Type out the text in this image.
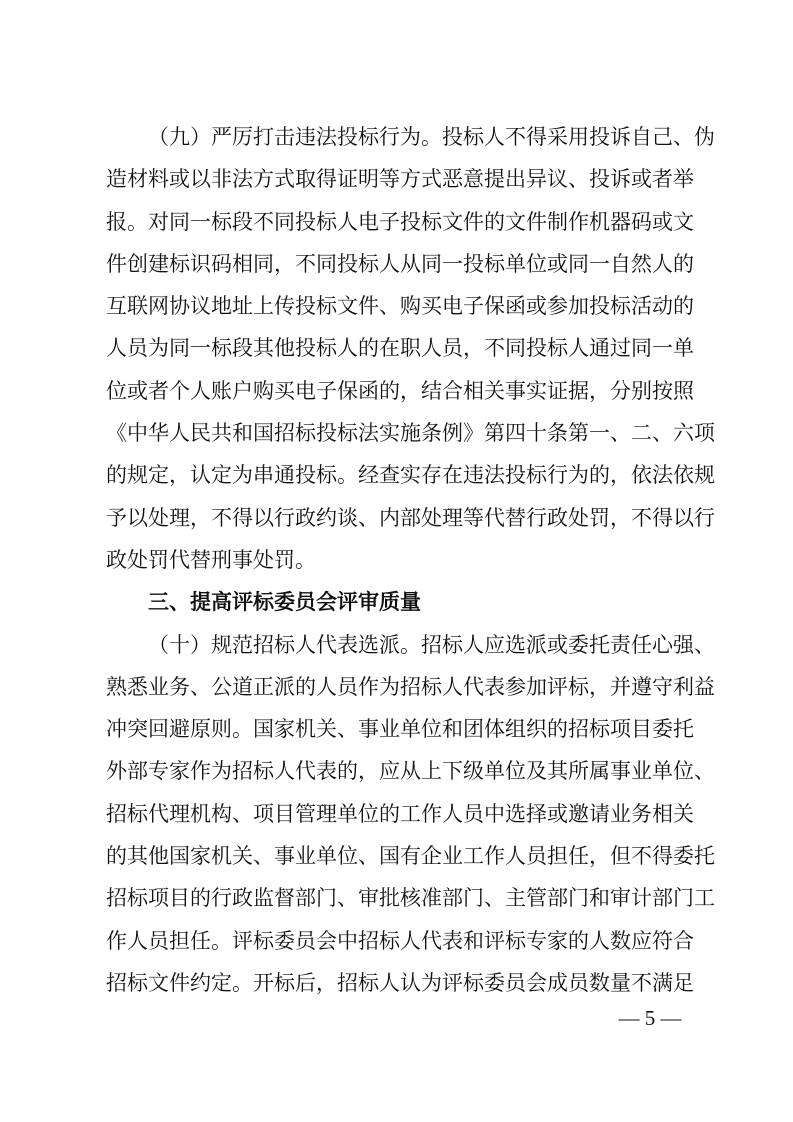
（九）严厉打击违法投标行为。投标人不得采用投诉自己、伪
造材料或以非法方式取得证明等方式恶意提出异议、投诉或者举
报。对同一标段不同投标人电子投标文件的文件制作机器码或文
件创建标识码相同，不同投标人从同一投标单位或同一自然人的
互联网协议地址上传投标文件、购买电子保函或参加投标活动的
人员为同一标段其他投标人的在职人员，不同投标人通过同一单
位或者个人账户购买电子保函的，结合相关事实证据，分别按照
《中华人民共和国招标投标法实施条例》第四十条第一、二、六项
的规定，认定为串通投标。经查实存在违法投标行为的，依法依规
予以处理，不得以行政约谈、内部处理等代替行政处罚，不得以行
政处罚代替刑事处罚。
三、提高评标委员会评审质量
（十）规范招标人代表选派。招标人应选派或委托责任心强、
熟悉业务、公道正派的人员作为招标人代表参加评标，并遵守利益
冲突回避原则。国家机关、事业单位和团体组织的招标项目委托
外部专家作为招标人代表的，应从上下级单位及其所属事业单位、
招标代理机构、项目管理单位的工作人员中选择或邀请业务相关
的其他国家机关、事业单位、国有企业工作人员担任，但不得委托
招标项目的行政监督部门、审批核准部门、主管部门和审计部门工
作人员担任。评标委员会中招标人代表和评标专家的人数应符合
招标文件约定。开标后，招标人认为评标委员会成员数量不满足
— 5 —
